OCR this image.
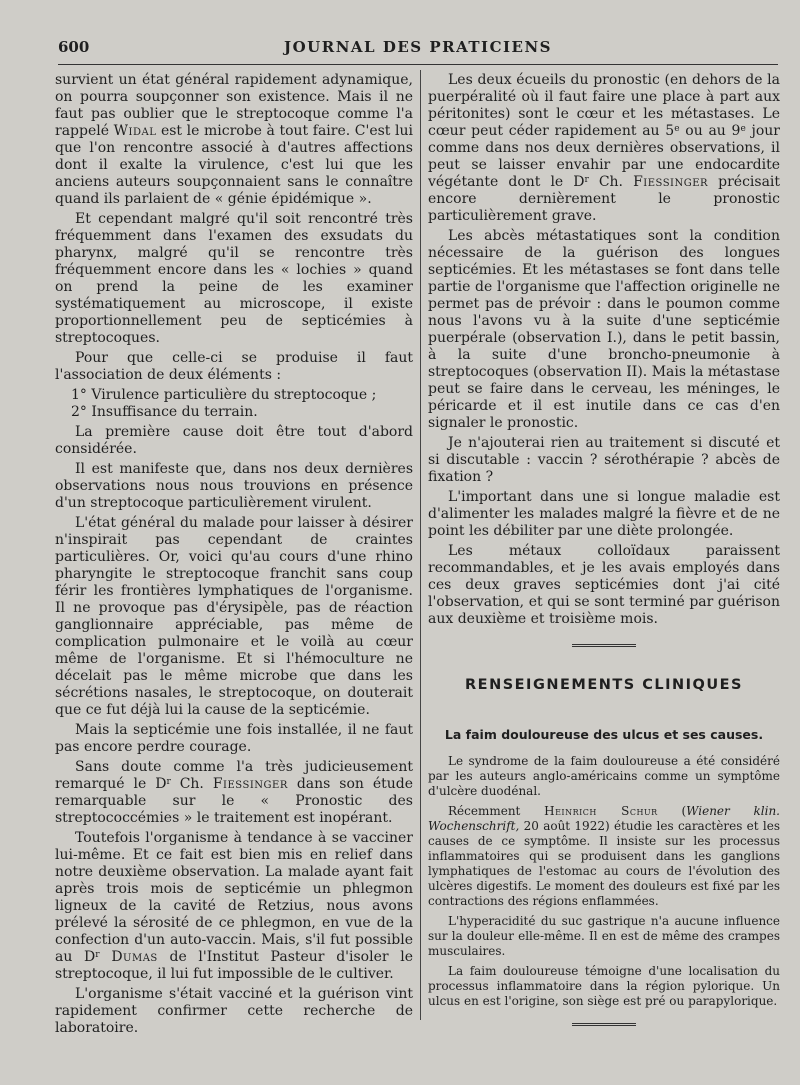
600	JOURNAL DES PRATICIENS

survient un état général rapidement adynamique, on pourra soupçonner son existence. Mais il ne faut pas oublier que le streptocoque comme l'a rappelé Widal est le microbe à tout faire. C'est lui que l'on rencontre associé à d'autres affections dont il exalte la virulence, c'est lui que les anciens auteurs soupçonnaient sans le connaître quand ils parlaient de « génie épidémique ».

Et cependant malgré qu'il soit rencontré très fréquemment dans l'examen des exsudats du pharynx, malgré qu'il se rencontre très fréquemment encore dans les « lochies » quand on prend la peine de les examiner systématiquement au microscope, il existe proportionnellement peu de septicémies à streptocoques.

Pour que celle-ci se produise il faut l'association de deux éléments :

1° Virulence particulière du streptocoque ;

2° Insuffisance du terrain.

La première cause doit être tout d'abord considérée.

Il est manifeste que, dans nos deux dernières observations nous nous trouvions en présence d'un streptocoque particulièrement virulent.

L'état général du malade pour laisser à désirer n'inspirait pas cependant de craintes particulières. Or, voici qu'au cours d'une rhino pharyngite le streptocoque franchit sans coup férir les frontières lymphatiques de l'organisme. Il ne provoque pas d'érysipèle, pas de réaction ganglionnaire appréciable, pas même de complication pulmonaire et le voilà au cœur même de l'organisme. Et si l'hémoculture ne décelait pas le même microbe que dans les sécrétions nasales, le streptocoque, on douterait que ce fut déjà lui la cause de la septicémie.

Mais la septicémie une fois installée, il ne faut pas encore perdre courage.

Sans doute comme l'a très judicieusement remarqué le $D^r$ Ch. Fiessinger dans son étude remarquable sur le « Pronostic des streptococcémies » le traitement est inopérant.

Toutefois l'organisme à tendance à se vacciner lui-même. Et ce fait est bien mis en relief dans notre deuxième observation. La malade ayant fait après trois mois de septicémie un phlegmon ligneux de la cavité de Retzius, nous avons prélevé la sérosité de ce phlegmon, en vue de la confection d'un auto-vaccin. Mais, s'il fut possible au $D^r$ Dumas de l'Institut Pasteur d'isoler le streptocoque, il lui fut impossible de le cultiver.

L'organisme s'était vacciné et la guérison vint rapidement confirmer cette recherche de laboratoire.

Les deux écueils du pronostic (en dehors de la puerpéralité où il faut faire une place à part aux péritonites) sont le cœur et les métastases. Le cœur peut céder rapidement au 5e ou au 9e jour comme dans nos deux dernières observations, il peut se laisser envahir par une endocardite végétante dont le $D^r$ Ch. Fiessinger précisait encore dernièrement le pronostic particulièrement grave.

Les abcès métastatiques sont la condition nécessaire de la guérison des longues septicémies. Et les métastases se font dans telle partie de l'organisme que l'affection originelle ne permet pas de prévoir : dans le poumon comme nous l'avons vu à la suite d'une septicémie puerpérale (observation I.), dans le petit bassin, à la suite d'une broncho-pneumonie à streptocoques (observation II). Mais la métastase peut se faire dans le cerveau, les méninges, le péricarde et il est inutile dans ce cas d'en signaler le pronostic.

Je n'ajouterai rien au traitement si discuté et si discutable : vaccin ? sérothérapie ? abcès de fixation ?

L'important dans une si longue maladie est d'alimenter les malades malgré la fièvre et de ne point les débiliter par une diète prolongée.

Les métaux colloïdaux paraissent recommandables, et je les avais employés dans ces deux graves septicémies dont j'ai cité l'observation, et qui se sont terminé par guérison aux deuxième et troisième mois.

RENSEIGNEMENTS CLINIQUES
La faim douloureuse des ulcus et ses causes.

Le syndrome de la faim douloureuse a été considéré par les auteurs anglo-américains comme un symptôme d'ulcère duodénal.

Récemment Heinrich Schur (Wiener klin. Wochenschrift, 20 août 1922) étudie les caractères et les causes de ce symptôme. Il insiste sur les processus inflammatoires qui se produisent dans les ganglions lymphatiques de l'estomac au cours de l'évolution des ulcères digestifs. Le moment des douleurs est fixé par les contractions des régions enflammées.

L'hyperacidité du suc gastrique n'a aucune influence sur la douleur elle-même. Il en est de même des crampes musculaires.

La faim douloureuse témoigne d'une localisation du processus inflammatoire dans la région pylorique. Un ulcus en est l'origine, son siège est pré ou parapylorique.
